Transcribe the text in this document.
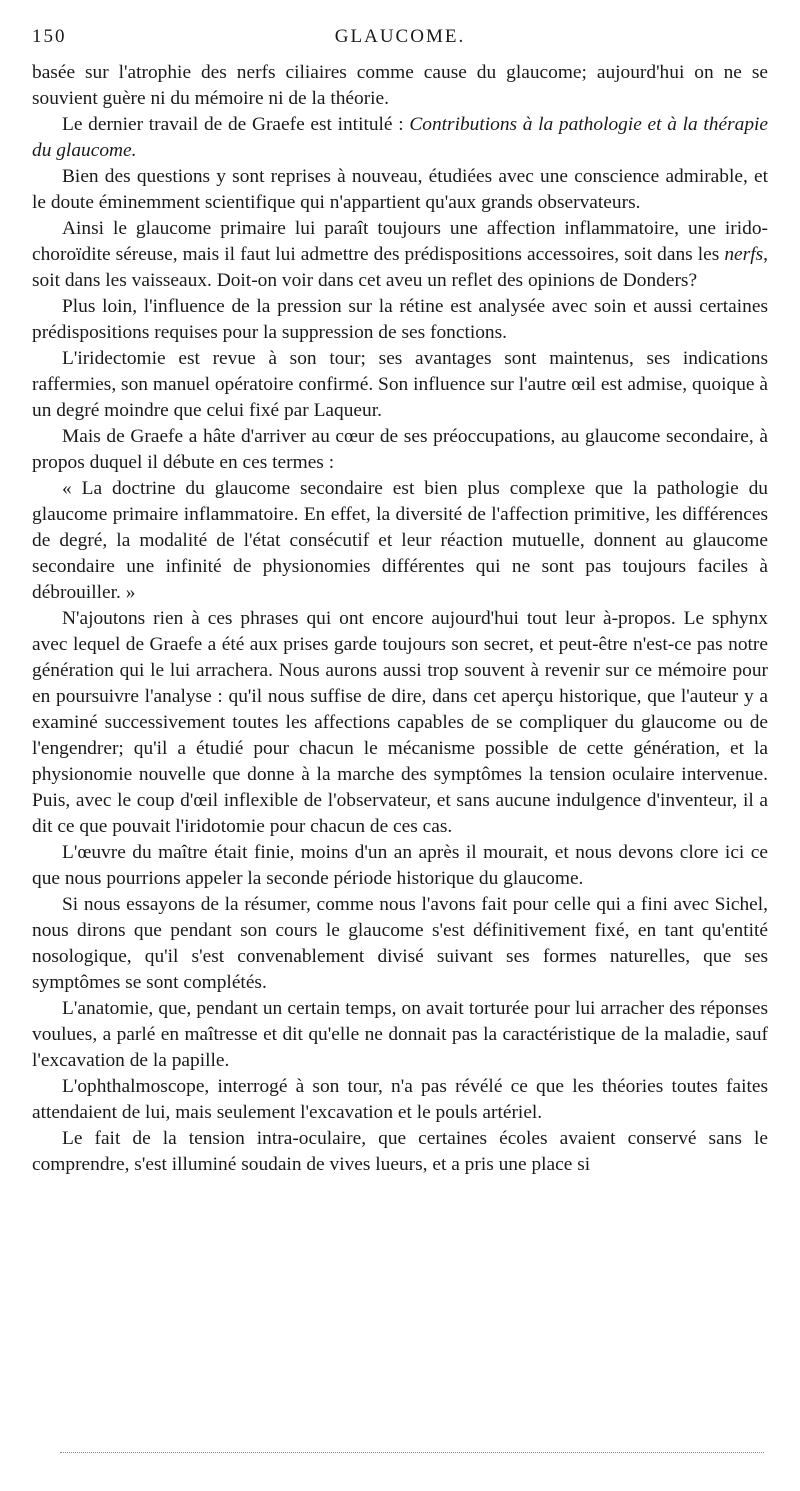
150	GLAUCOME.

basée sur l'atrophie des nerfs ciliaires comme cause du glaucome; aujourd'hui on ne se souvient guère ni du mémoire ni de la théorie.

Le dernier travail de de Graefe est intitulé : Contributions à la pathologie et à la thérapie du glaucome.

Bien des questions y sont reprises à nouveau, étudiées avec une conscience admirable, et le doute éminemment scientifique qui n'appartient qu'aux grands observateurs.

Ainsi le glaucome primaire lui paraît toujours une affection inflammatoire, une irido-choroïdite séreuse, mais il faut lui admettre des prédispositions accessoires, soit dans les nerfs, soit dans les vaisseaux. Doit-on voir dans cet aveu un reflet des opinions de Donders?

Plus loin, l'influence de la pression sur la rétine est analysée avec soin et aussi certaines prédispositions requises pour la suppression de ses fonctions.

L'iridectomie est revue à son tour; ses avantages sont maintenus, ses indications raffermies, son manuel opératoire confirmé. Son influence sur l'autre œil est admise, quoique à un degré moindre que celui fixé par Laqueur.

Mais de Graefe a hâte d'arriver au cœur de ses préoccupations, au glaucome secondaire, à propos duquel il débute en ces termes :

« La doctrine du glaucome secondaire est bien plus complexe que la pathologie du glaucome primaire inflammatoire. En effet, la diversité de l'affection primitive, les différences de degré, la modalité de l'état consécutif et leur réaction mutuelle, donnent au glaucome secondaire une infinité de physionomies différentes qui ne sont pas toujours faciles à débrouiller. »

N'ajoutons rien à ces phrases qui ont encore aujourd'hui tout leur à-propos. Le sphynx avec lequel de Graefe a été aux prises garde toujours son secret, et peut-être n'est-ce pas notre génération qui le lui arrachera. Nous aurons aussi trop souvent à revenir sur ce mémoire pour en poursuivre l'analyse : qu'il nous suffise de dire, dans cet aperçu historique, que l'auteur y a examiné successivement toutes les affections capables de se compliquer du glaucome ou de l'engendrer; qu'il a étudié pour chacun le mécanisme possible de cette génération, et la physionomie nouvelle que donne à la marche des symptômes la tension oculaire intervenue. Puis, avec le coup d'œil inflexible de l'observateur, et sans aucune indulgence d'inventeur, il a dit ce que pouvait l'iridotomie pour chacun de ces cas.

L'œuvre du maître était finie, moins d'un an après il mourait, et nous devons clore ici ce que nous pourrions appeler la seconde période historique du glaucome.

Si nous essayons de la résumer, comme nous l'avons fait pour celle qui a fini avec Sichel, nous dirons que pendant son cours le glaucome s'est définitivement fixé, en tant qu'entité nosologique, qu'il s'est convenablement divisé suivant ses formes naturelles, que ses symptômes se sont complétés.

L'anatomie, que, pendant un certain temps, on avait torturée pour lui arracher des réponses voulues, a parlé en maîtresse et dit qu'elle ne donnait pas la caractéristique de la maladie, sauf l'excavation de la papille.

L'ophthalmoscope, interrogé à son tour, n'a pas révélé ce que les théories toutes faites attendaient de lui, mais seulement l'excavation et le pouls artériel.

Le fait de la tension intra-oculaire, que certaines écoles avaient conservé sans le comprendre, s'est illuminé soudain de vives lueurs, et a pris une place si
